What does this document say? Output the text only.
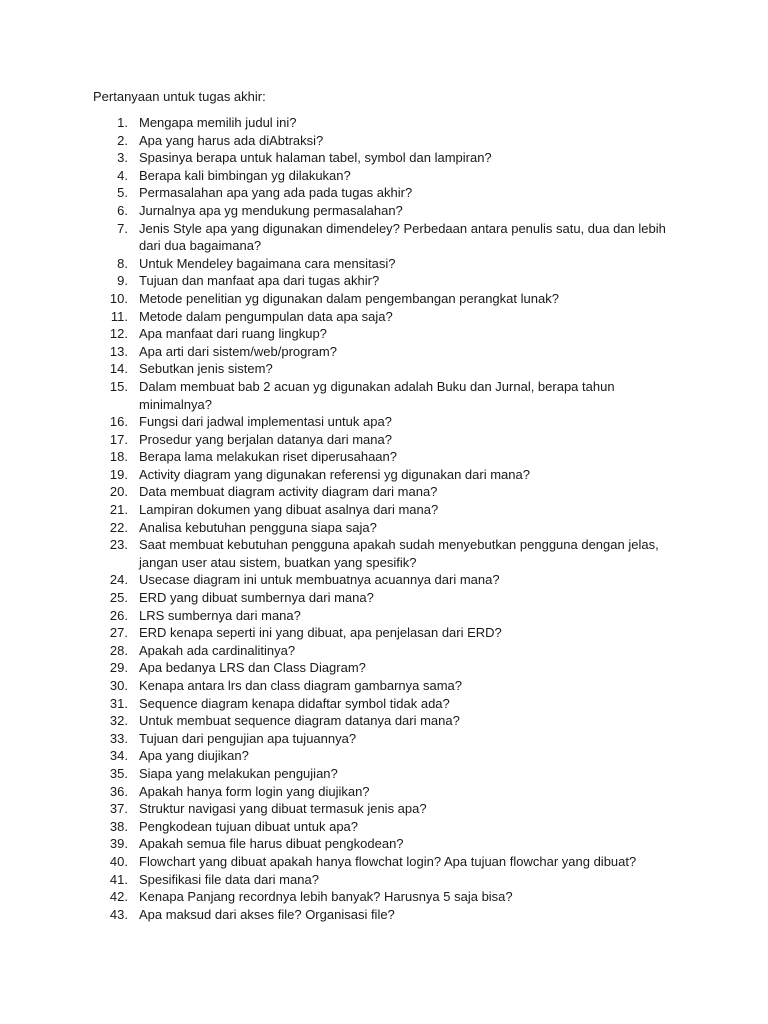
Pertanyaan untuk tugas akhir:
1. Mengapa memilih judul ini?
2. Apa yang harus ada diAbtraksi?
3. Spasinya berapa untuk halaman tabel, symbol dan lampiran?
4. Berapa kali bimbingan yg dilakukan?
5. Permasalahan apa yang ada pada tugas akhir?
6. Jurnalnya apa yg mendukung permasalahan?
7. Jenis Style apa yang digunakan dimendeley? Perbedaan antara penulis satu, dua dan lebih dari dua bagaimana?
8. Untuk Mendeley bagaimana cara mensitasi?
9. Tujuan dan manfaat apa dari tugas akhir?
10. Metode penelitian yg digunakan dalam pengembangan perangkat lunak?
11. Metode dalam pengumpulan data apa saja?
12. Apa manfaat dari ruang lingkup?
13. Apa arti dari sistem/web/program?
14. Sebutkan jenis sistem?
15. Dalam membuat bab 2 acuan yg digunakan adalah Buku dan Jurnal, berapa tahun minimalnya?
16. Fungsi dari jadwal implementasi untuk apa?
17. Prosedur yang berjalan datanya dari mana?
18. Berapa lama melakukan riset diperusahaan?
19. Activity diagram yang digunakan referensi yg digunakan dari mana?
20. Data membuat diagram activity diagram dari mana?
21. Lampiran dokumen yang dibuat asalnya dari mana?
22. Analisa kebutuhan pengguna siapa saja?
23. Saat membuat kebutuhan pengguna apakah sudah menyebutkan pengguna dengan jelas, jangan user atau sistem, buatkan yang spesifik?
24. Usecase diagram ini untuk membuatnya acuannya dari mana?
25. ERD yang dibuat sumbernya dari mana?
26. LRS sumbernya dari mana?
27. ERD kenapa seperti ini yang dibuat, apa penjelasan dari ERD?
28. Apakah ada cardinalitinya?
29. Apa bedanya LRS dan Class Diagram?
30. Kenapa antara lrs dan class diagram gambarnya sama?
31. Sequence diagram kenapa didaftar symbol tidak ada?
32. Untuk membuat sequence diagram datanya dari mana?
33. Tujuan dari pengujian apa tujuannya?
34. Apa yang diujikan?
35. Siapa yang melakukan pengujian?
36. Apakah hanya form login yang diujikan?
37. Struktur navigasi yang dibuat termasuk jenis apa?
38. Pengkodean tujuan dibuat untuk apa?
39. Apakah semua file harus dibuat pengkodean?
40. Flowchart yang dibuat apakah hanya flowchat login? Apa tujuan flowchar yang dibuat?
41. Spesifikasi file data dari mana?
42. Kenapa Panjang recordnya lebih banyak? Harusnya 5 saja bisa?
43. Apa maksud dari akses file? Organisasi file?
